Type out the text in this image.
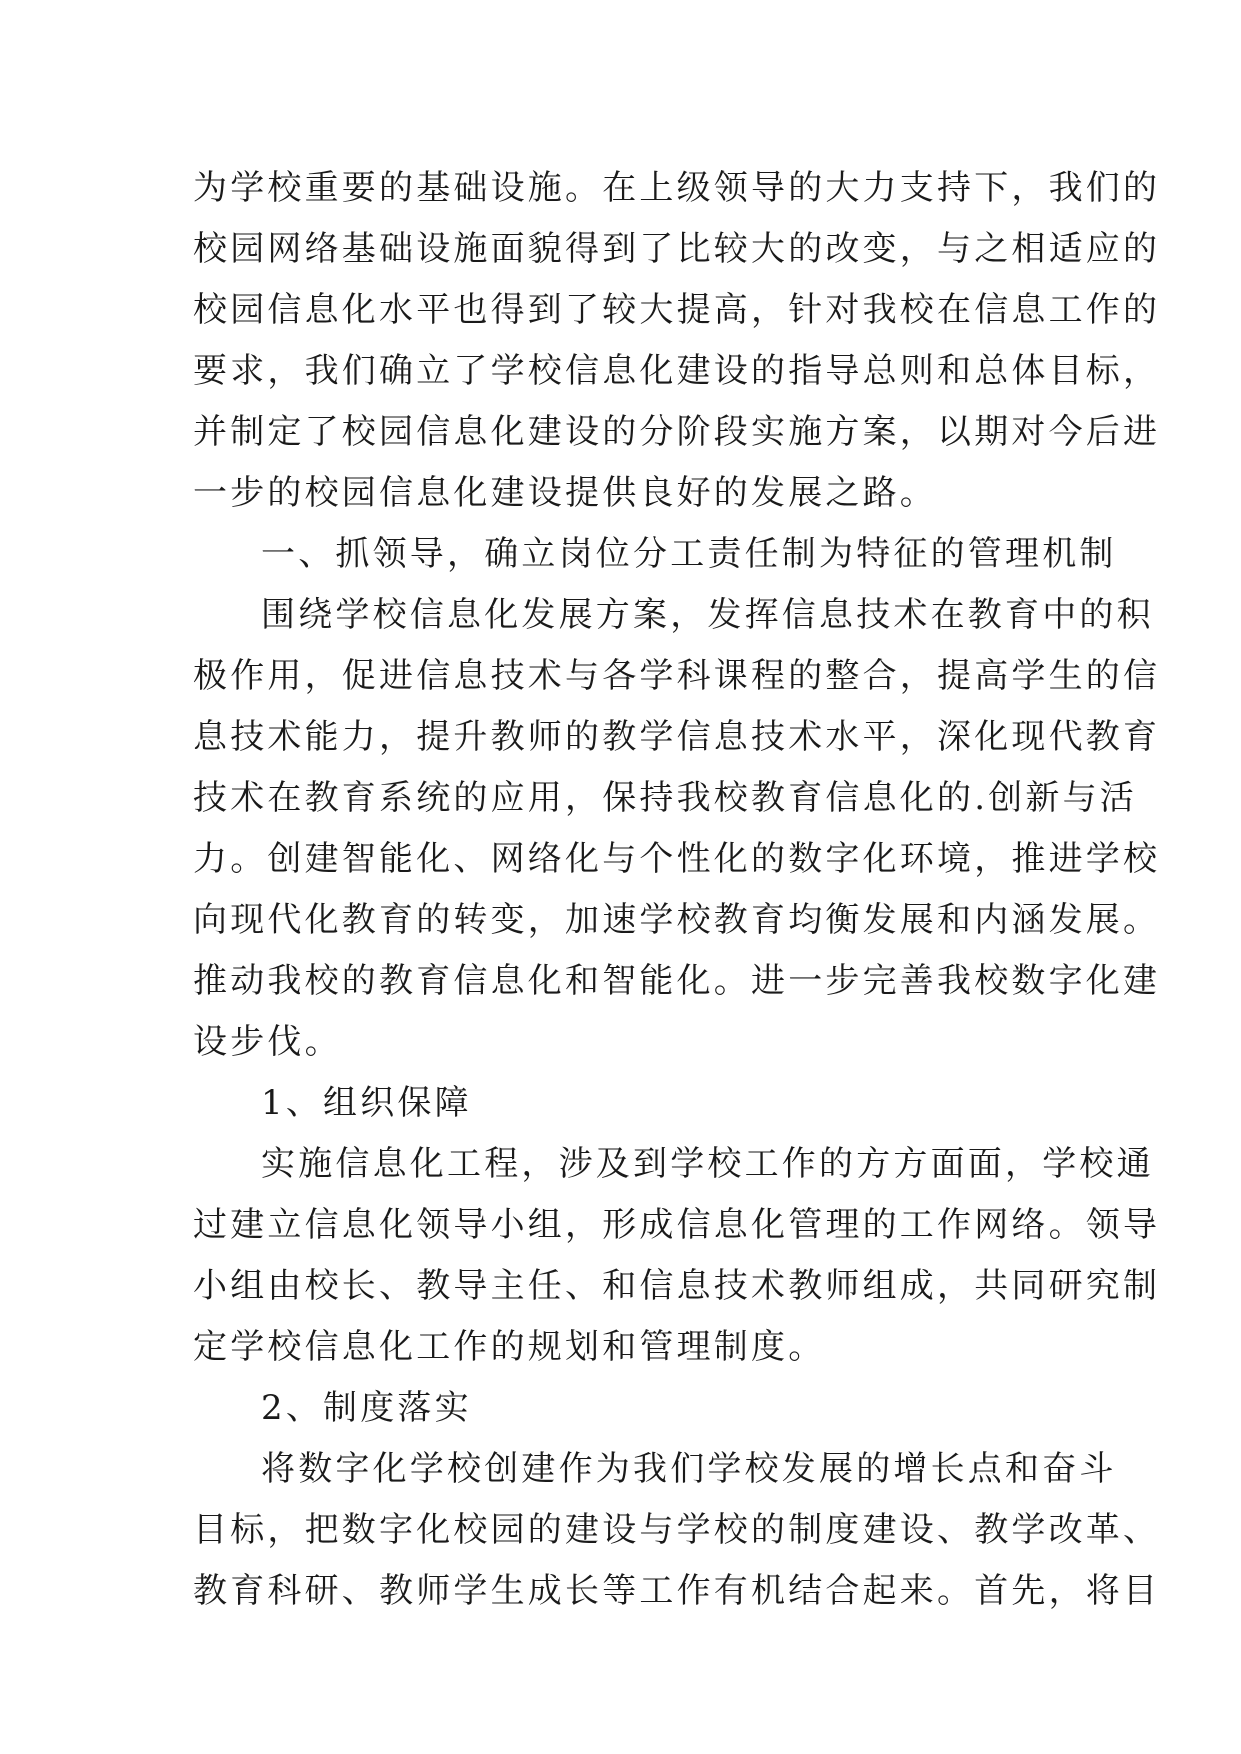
为学校重要的基础设施。在上级领导的大力支持下，我们的
校园网络基础设施面貌得到了比较大的改变，与之相适应的
校园信息化水平也得到了较大提高，针对我校在信息工作的
要求，我们确立了学校信息化建设的指导总则和总体目标，
并制定了校园信息化建设的分阶段实施方案，以期对今后进
一步的校园信息化建设提供良好的发展之路。
一、抓领导，确立岗位分工责任制为特征的管理机制
围绕学校信息化发展方案，发挥信息技术在教育中的积
极作用，促进信息技术与各学科课程的整合，提高学生的信
息技术能力，提升教师的教学信息技术水平，深化现代教育
技术在教育系统的应用，保持我校教育信息化的.创新与活
力。创建智能化、网络化与个性化的数字化环境，推进学校
向现代化教育的转变，加速学校教育均衡发展和内涵发展。
推动我校的教育信息化和智能化。进一步完善我校数字化建
设步伐。
1、组织保障
实施信息化工程，涉及到学校工作的方方面面，学校通
过建立信息化领导小组，形成信息化管理的工作网络。领导
小组由校长、教导主任、和信息技术教师组成，共同研究制
定学校信息化工作的规划和管理制度。
2、制度落实
将数字化学校创建作为我们学校发展的增长点和奋斗
目标，把数字化校园的建设与学校的制度建设、教学改革、
教育科研、教师学生成长等工作有机结合起来。首先，将目
